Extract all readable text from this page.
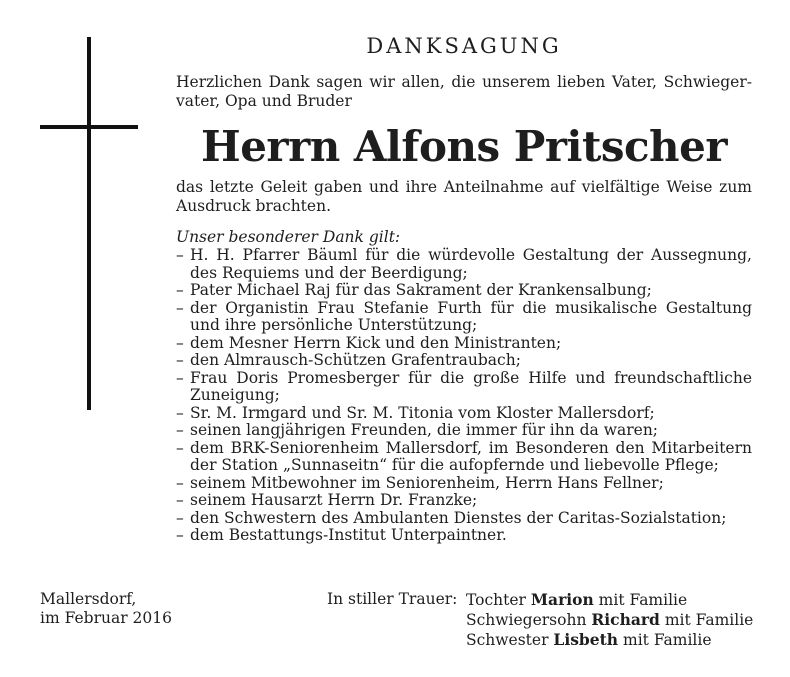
DANKSAGUNG
Herzlichen Dank sagen wir allen, die unserem lieben Vater, Schwieger-vater, Opa und Bruder
Herrn Alfons Pritscher
das letzte Geleit gaben und ihre Anteilnahme auf vielfältige Weise zum Ausdruck brachten.
Unser besonderer Dank gilt:
– H. H. Pfarrer Bäuml für die würdevolle Gestaltung der Aussegnung, des Requiems und der Beerdigung;
– Pater Michael Raj für das Sakrament der Krankensalbung;
– der Organistin Frau Stefanie Furth für die musikalische Gestaltung und ihre persönliche Unterstützung;
– dem Mesner Herrn Kick und den Ministranten;
– den Almrausch-Schützen Grafentraubach;
– Frau Doris Promesberger für die große Hilfe und freundschaftliche Zuneigung;
– Sr. M. Irmgard und Sr. M. Titonia vom Kloster Mallersdorf;
– seinen langjährigen Freunden, die immer für ihn da waren;
– dem BRK-Seniorenheim Mallersdorf, im Besonderen den Mitarbeitern der Station „Sunnaseitn“ für die aufopfernde und liebevolle Pflege;
– seinem Mitbewohner im Seniorenheim, Herrn Hans Fellner;
– seinem Hausarzt Herrn Dr. Franzke;
– den Schwestern des Ambulanten Dienstes der Caritas-Sozialstation;
– dem Bestattungs-Institut Unterpaintner.
Mallersdorf,
im Februar 2016
In stiller Trauer: Tochter Marion mit Familie
Schwiegersohn Richard mit Familie
Schwester Lisbeth mit Familie
